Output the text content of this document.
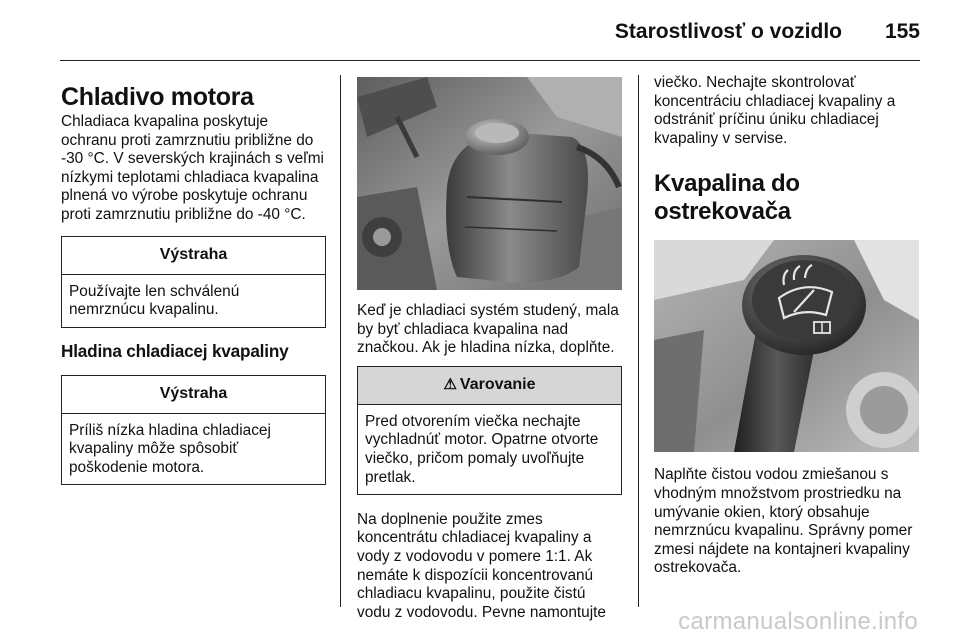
Starostlivosť o vozidlo 155
Chladivo motora

Chladiaca kvapalina poskytuje ochranu proti zamrznutiu približne do -30 °C. V severských krajinách s veľmi nízkymi teplotami chladiaca kvapalina plnená vo výrobe poskytuje ochranu proti zamrznutiu približne do -40 °C.

Výstraha
Používajte len schválenú nemrznúcu kvapalinu.
Hladina chladiacej kvapaliny
Výstraha
Príliš nízka hladina chladiacej kvapaliny môže spôsobiť poškodenie motora.

Keď je chladiaci systém studený, mala by byť chladiaca kvapalina nad značkou. Ak je hladina nízka, doplňte.

⚠ Varovanie
Pred otvorením viečka nechajte vychladnúť motor. Opatrne otvorte viečko, pričom pomaly uvoľňujte pretlak.

Na doplnenie použite zmes koncentrátu chladiacej kvapaliny a vody z vodovodu v pomere 1:1. Ak nemáte k dispozícii koncentrovanú chladiacu kvapalinu, použite čistú vodu z vodovodu. Pevne namontujte

viečko. Nechajte skontrolovať koncentráciu chladiacej kvapaliny a odstrániť príčinu úniku chladiacej kvapaliny v servise.

Kvapalina do ostrekovača

Naplňte čistou vodou zmiešanou s vhodným množstvom prostriedku na umývanie okien, ktorý obsahuje nemrznúcu kvapalinu. Správny pomer zmesi nájdete na kontajneri kvapaliny ostrekovača.

carmanualsonline.info
